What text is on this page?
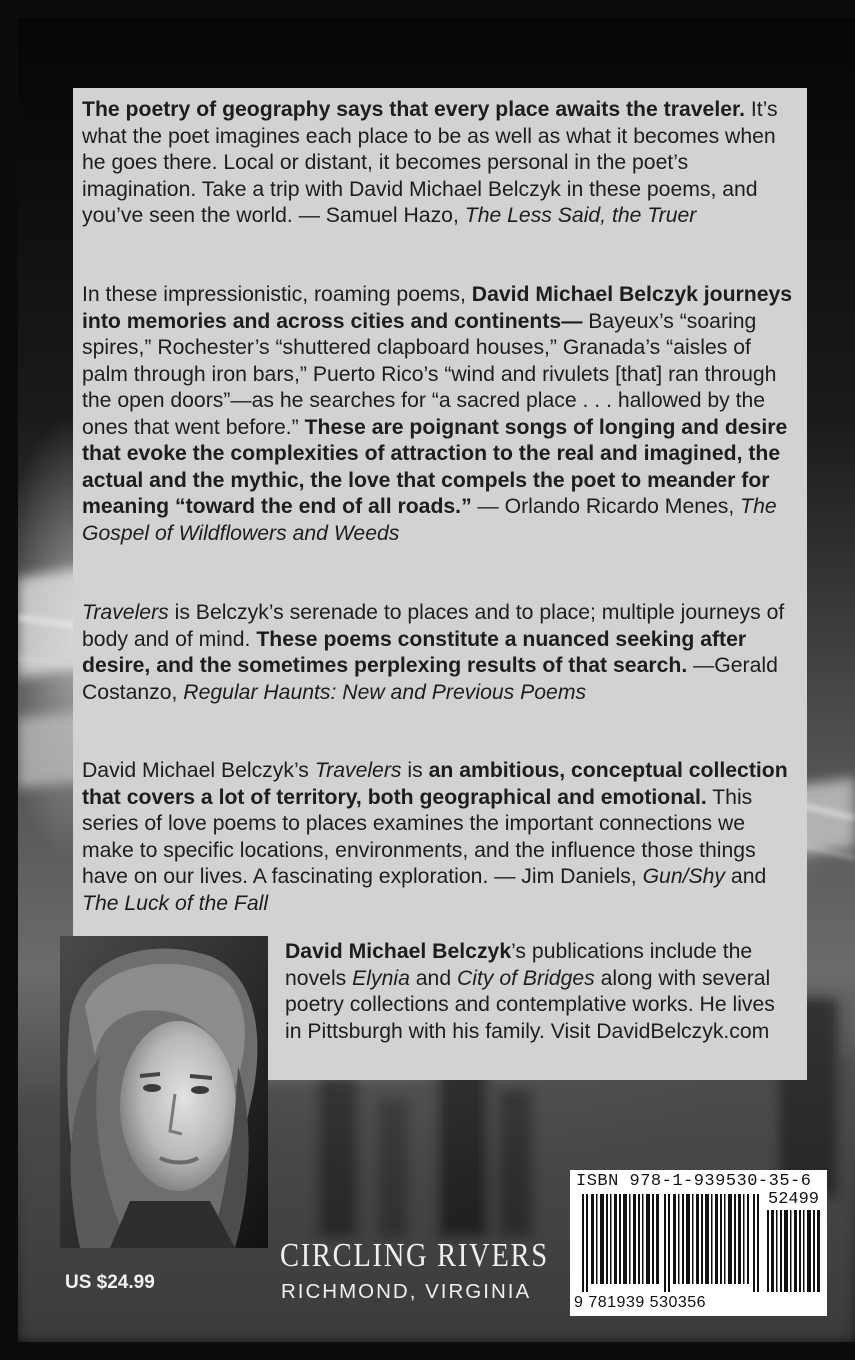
The poetry of geography says that every place awaits the traveler. It’s what the poet imagines each place to be as well as what it becomes when he goes there. Local or distant, it becomes personal in the poet’s imagination. Take a trip with David Michael Belczyk in these poems, and you’ve seen the world. — Samuel Hazo, The Less Said, the Truer

In these impressionistic, roaming poems, David Michael Belczyk journeys into memories and across cities and continents— Bayeux’s “soaring spires,” Rochester’s “shuttered clapboard houses,” Granada’s “aisles of palm through iron bars,” Puerto Rico’s “wind and rivulets [that] ran through the open doors”—as he searches for “a sacred place . . . hallowed by the ones that went before.” These are poignant songs of longing and desire that evoke the complexities of attraction to the real and imagined, the actual and the mythic, the love that compels the poet to meander for meaning “toward the end of all roads.” — Orlando Ricardo Menes, The Gospel of Wildflowers and Weeds

Travelers is Belczyk’s serenade to places and to place; multiple journeys of body and of mind. These poems constitute a nuanced seeking after desire, and the sometimes perplexing results of that search. —Gerald Costanzo, Regular Haunts: New and Previous Poems

David Michael Belczyk’s Travelers is an ambitious, conceptual collection that covers a lot of territory, both geographical and emotional. This series of love poems to places examines the important connections we make to specific locations, environments, and the influence those things have on our lives. A fascinating exploration. — Jim Daniels, Gun/Shy and The Luck of the Fall

David Michael Belczyk’s publications include the novels Elynia and City of Bridges along with several poetry collections and contemplative works. He lives in Pittsburgh with his family. Visit DavidBelczyk.com

US $24.99
CIRCLING RIVERS
RICHMOND, VIRGINIA
ISBN 978-1-939530-35-6
52499
9 781939 530356
